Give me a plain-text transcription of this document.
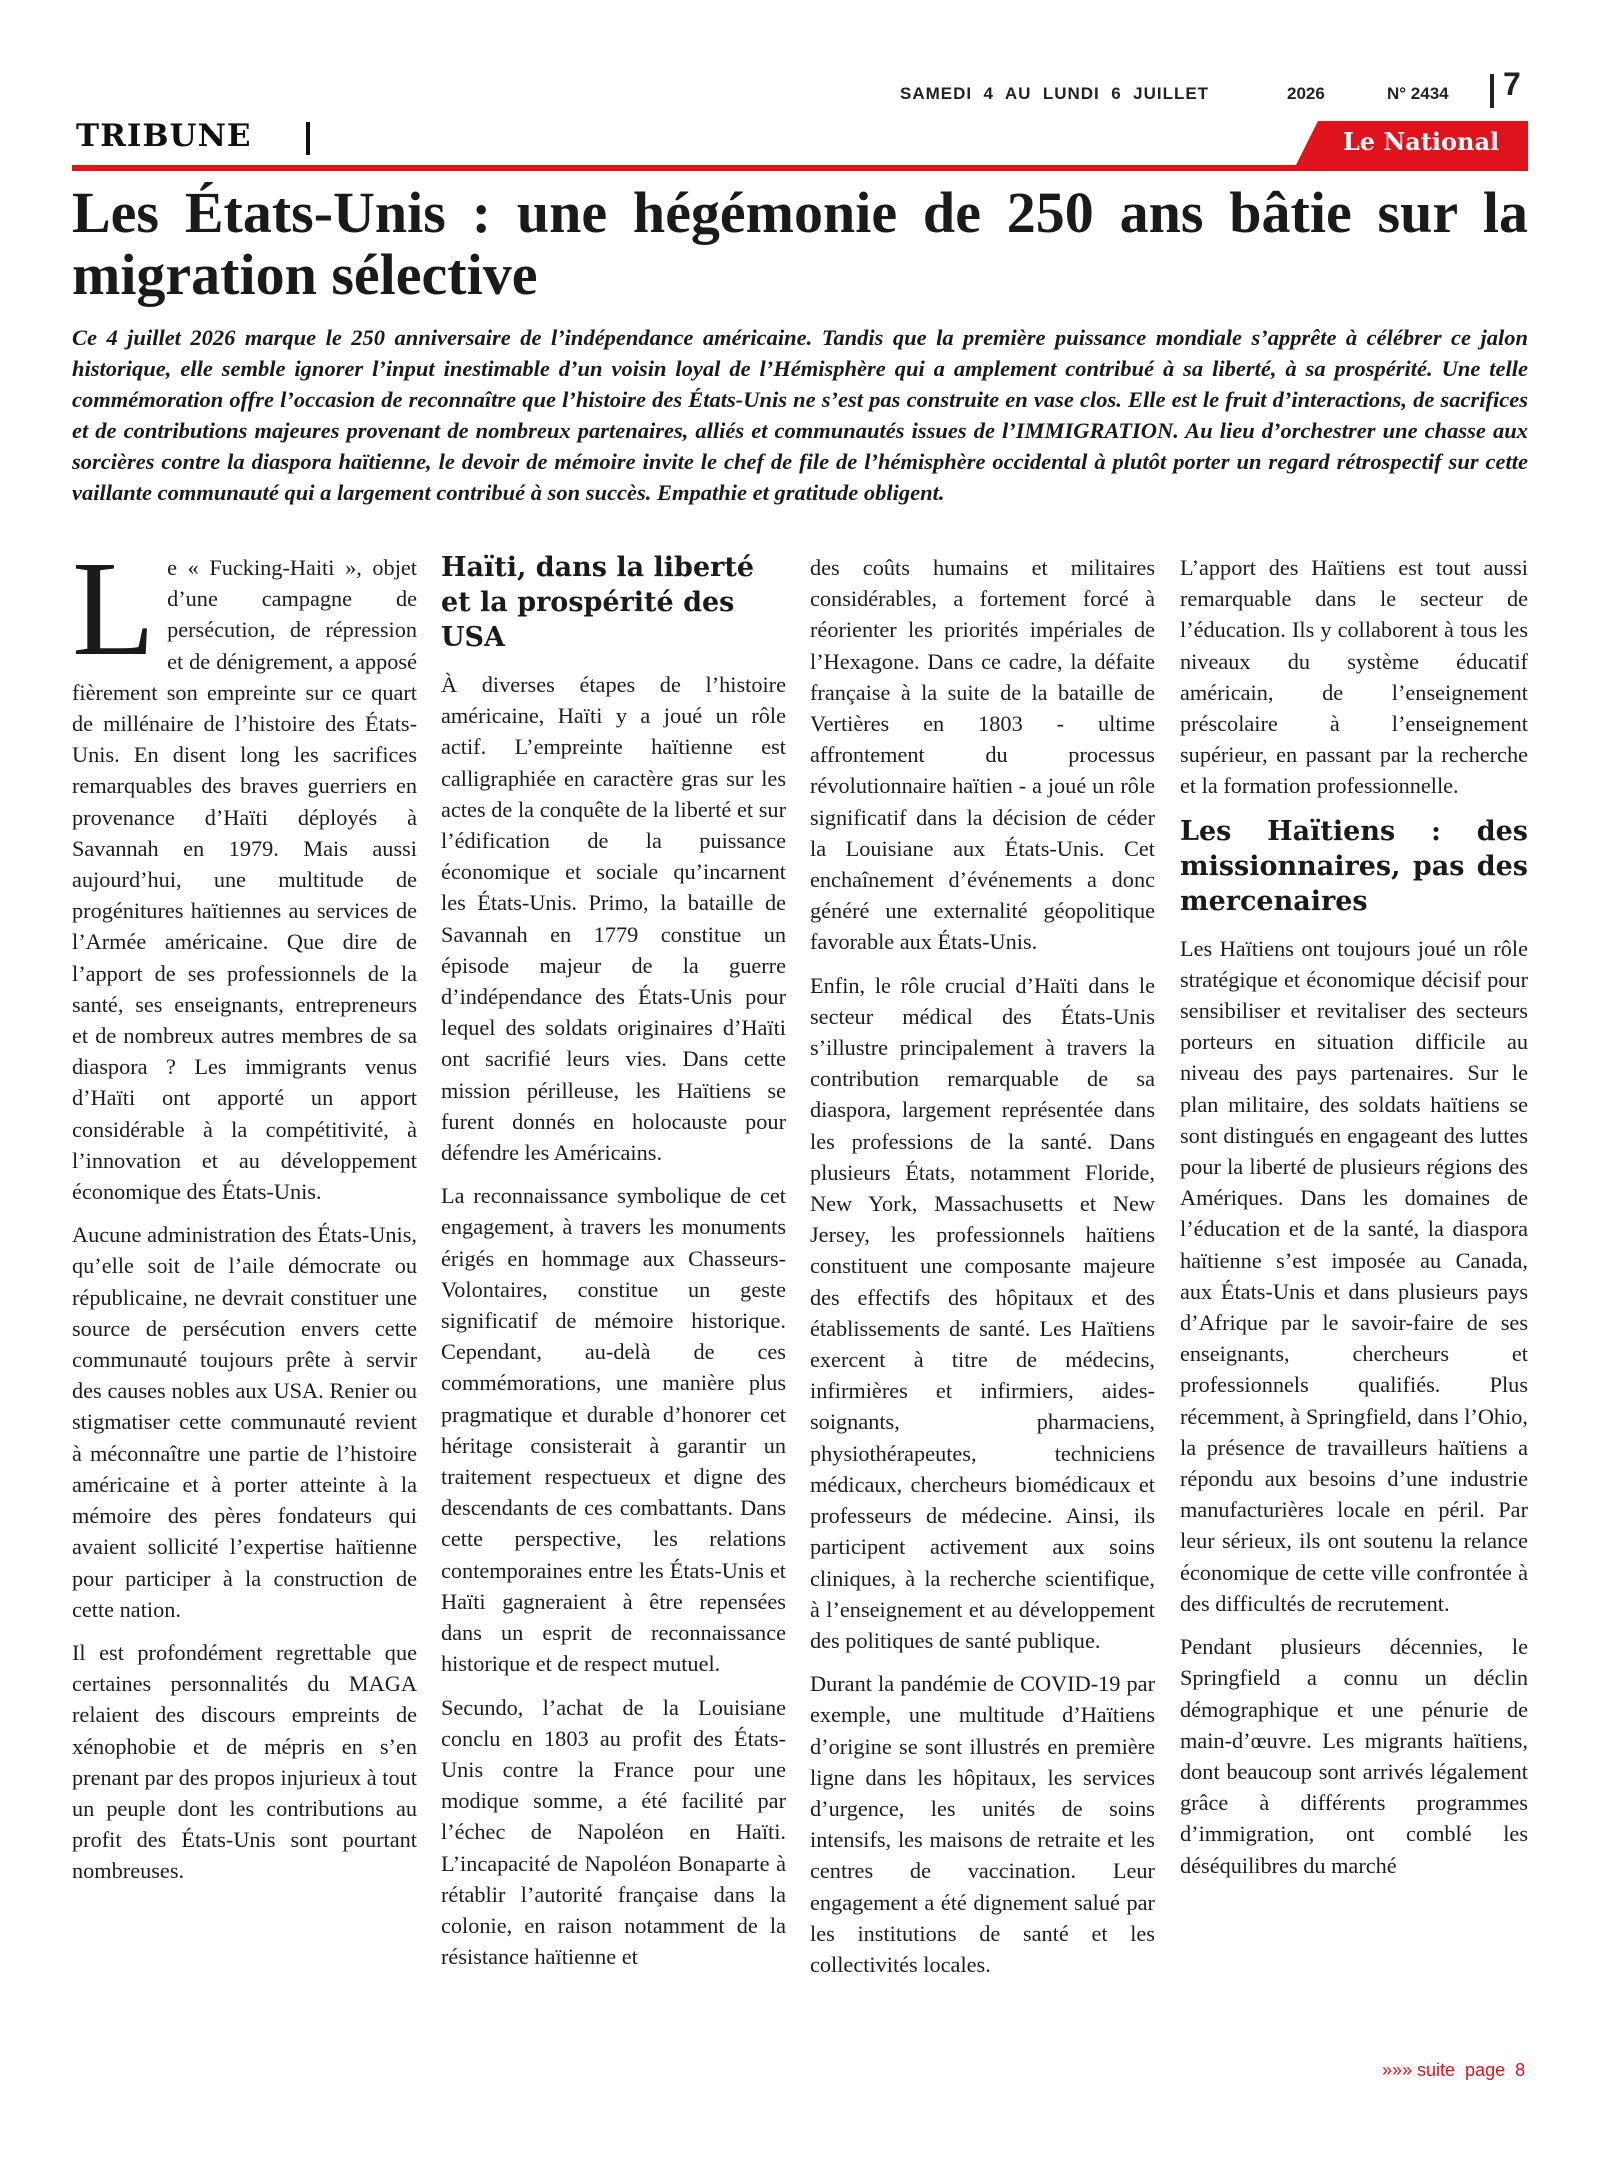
SAMEDI  4  AU  LUNDI  6  JUILLET	2026	N° 2434 7
TRIBUNE	Le National
Les États-Unis : une hégémonie de 250 ans bâtie sur la migration sélective

Ce 4 juillet 2026 marque le 250 anniversaire de l’indépendance américaine. Tandis que la première puissance mondiale s’apprête à célébrer ce jalon historique, elle semble ignorer l’input inestimable d’un voisin loyal de l’Hémisphère qui a amplement contribué à sa liberté, à sa prospérité. Une telle commémoration offre l’occasion de reconnaître que l’histoire des États-Unis ne s’est pas construite en vase clos. Elle est le fruit d’interactions, de sacrifices et de contributions majeures provenant de nombreux partenaires, alliés et communautés issues de l’IMMIGRATION. Au lieu d’orchestrer une chasse aux sorcières contre la diaspora haïtienne, le devoir de mémoire invite le chef de file de l’hémisphère occidental à plutôt porter un regard rétrospectif sur cette vaillante communauté qui a largement contribué à son succès. Empathie et gratitude obligent.

Le « Fucking-Haiti », objet d’une campagne de persécution, de répression et de dénigrement, a apposé fièrement son empreinte sur ce quart de millénaire de l’histoire des États-Unis. En disent long les sacrifices remarquables des braves guerriers en provenance d’Haïti déployés à Savannah en 1979. Mais aussi aujourd’hui, une multitude de progénitures haïtiennes au services de l’Armée américaine. Que dire de l’apport de ses professionnels de la santé, ses enseignants, entrepreneurs et de nombreux autres membres de sa diaspora ? Les immigrants venus d’Haïti ont apporté un apport considérable à la compétitivité, à l’innovation et au développement économique des États-Unis.

Aucune administration des États-Unis, qu’elle soit de l’aile démocrate ou républicaine, ne devrait constituer une source de persécution envers cette communauté toujours prête à servir des causes nobles aux USA. Renier ou stigmatiser cette communauté revient à méconnaître une partie de l’histoire américaine et à porter atteinte à la mémoire des pères fondateurs qui avaient sollicité l’expertise haïtienne pour participer à la construction de cette nation.

Il est profondément regrettable que certaines personnalités du MAGA relaient des discours empreints de xénophobie et de mépris en s’en prenant par des propos injurieux à tout un peuple dont les contributions au profit des États-Unis sont pourtant nombreuses.

Haïti, dans la liberté et la prospérité des USA

À diverses étapes de l’histoire américaine, Haïti y a joué un rôle actif. L’empreinte haïtienne est calligraphiée en caractère gras sur les actes de la conquête de la liberté et sur l’édification de la puissance économique et sociale qu’incarnent les États-Unis. Primo, la bataille de Savannah en 1779 constitue un épisode majeur de la guerre d’indépendance des États-Unis pour lequel des soldats originaires d’Haïti ont sacrifié leurs vies. Dans cette mission périlleuse, les Haïtiens se furent donnés en holocauste pour défendre les Américains.

La reconnaissance symbolique de cet engagement, à travers les monuments érigés en hommage aux Chasseurs-Volontaires, constitue un geste significatif de mémoire historique. Cependant, au-delà de ces commémorations, une manière plus pragmatique et durable d’honorer cet héritage consisterait à garantir un traitement respectueux et digne des descendants de ces combattants. Dans cette perspective, les relations contemporaines entre les États-Unis et Haïti gagneraient à être repensées dans un esprit de reconnaissance historique et de respect mutuel.

Secundo, l’achat de la Louisiane conclu en 1803 au profit des États-Unis contre la France pour une modique somme, a été facilité par l’échec de Napoléon en Haïti. L’incapacité de Napoléon Bonaparte à rétablir l’autorité française dans la colonie, en raison notamment de la résistance haïtienne et

des coûts humains et militaires considérables, a fortement forcé à réorienter les priorités impériales de l’Hexagone. Dans ce cadre, la défaite française à la suite de la bataille de Vertières en 1803 - ultime affrontement du processus révolutionnaire haïtien - a joué un rôle significatif dans la décision de céder la Louisiane aux États-Unis. Cet enchaînement d’événements a donc généré une externalité géopolitique favorable aux États-Unis.

Enfin, le rôle crucial d’Haïti dans le secteur médical des États-Unis s’illustre principalement à travers la contribution remarquable de sa diaspora, largement représentée dans les professions de la santé. Dans plusieurs États, notamment Floride, New York, Massachusetts et New Jersey, les professionnels haïtiens constituent une composante majeure des effectifs des hôpitaux et des établissements de santé. Les Haïtiens exercent à titre de médecins, infirmières et infirmiers, aides-soignants, pharmaciens, physiothérapeutes, techniciens médicaux, chercheurs biomédicaux et professeurs de médecine. Ainsi, ils participent activement aux soins cliniques, à la recherche scientifique, à l’enseignement et au développement des politiques de santé publique.

Durant la pandémie de COVID-19 par exemple, une multitude d’Haïtiens d’origine se sont illustrés en première ligne dans les hôpitaux, les services d’urgence, les unités de soins intensifs, les maisons de retraite et les centres de vaccination. Leur engagement a été dignement salué par les institutions de santé et les collectivités locales.

L’apport des Haïtiens est tout aussi remarquable dans le secteur de l’éducation. Ils y collaborent à tous les niveaux du système éducatif américain, de l’enseignement préscolaire à l’enseignement supérieur, en passant par la recherche et la formation professionnelle.

Les Haïtiens : des missionnaires, pas des mercenaires

Les Haïtiens ont toujours joué un rôle stratégique et économique décisif pour sensibiliser et revitaliser des secteurs porteurs en situation difficile au niveau des pays partenaires. Sur le plan militaire, des soldats haïtiens se sont distingués en engageant des luttes pour la liberté de plusieurs régions des Amériques. Dans les domaines de l’éducation et de la santé, la diaspora haïtienne s’est imposée au Canada, aux États-Unis et dans plusieurs pays d’Afrique par le savoir-faire de ses enseignants, chercheurs et professionnels qualifiés. Plus récemment, à Springfield, dans l’Ohio, la présence de travailleurs haïtiens a répondu aux besoins d’une industrie manufacturières locale en péril. Par leur sérieux, ils ont soutenu la relance économique de cette ville confrontée à des difficultés de recrutement.

Pendant plusieurs décennies, le Springfield a connu un déclin démographique et une pénurie de main-d’œuvre. Les migrants haïtiens, dont beaucoup sont arrivés légalement grâce à différents programmes d’immigration, ont comblé les déséquilibres du marché

»»» suite  page  8
